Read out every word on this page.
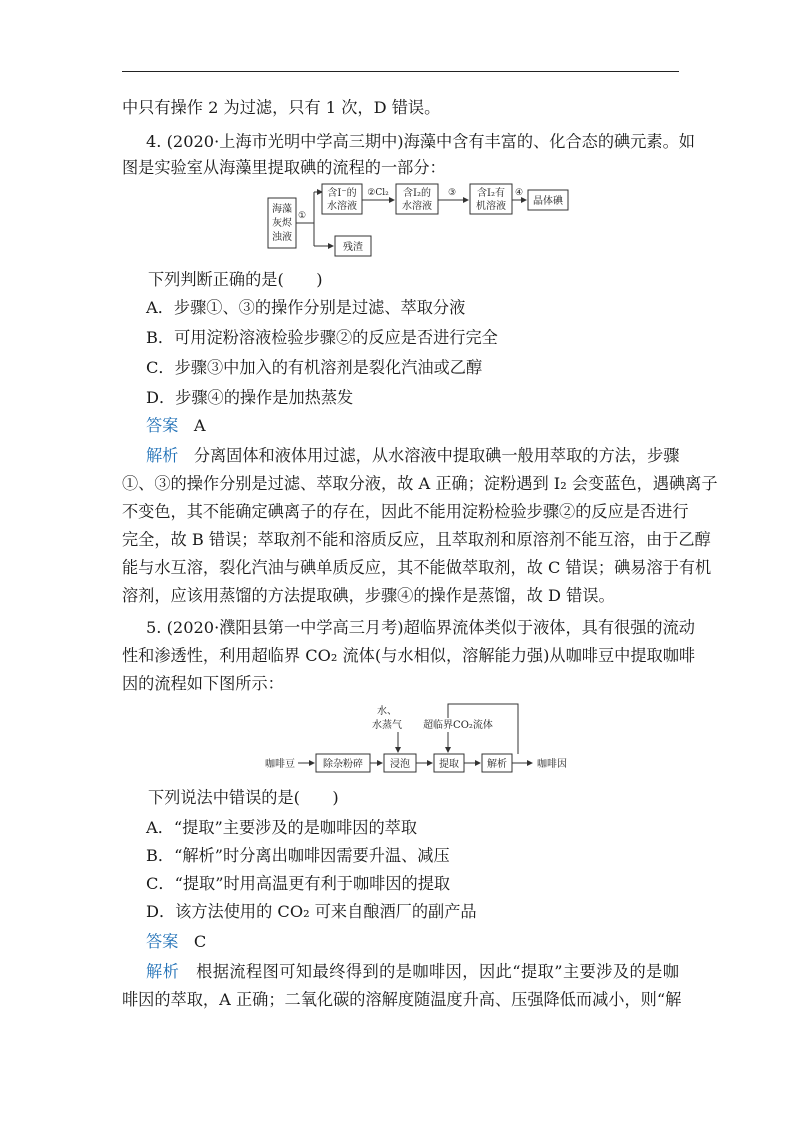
中只有操作 2 为过滤，只有 1 次，D 错误。
4. (2020·上海市光明中学高三期中)海藻中含有丰富的、化合态的碘元素。如
图是实验室从海藻里提取碘的流程的一部分：
海藻
灰烬
浊液
①
含I⁻的
水溶液
②Cl₂ 含I₂的
水溶液
③ 含I₂有
机溶液
④
晶体碘
残渣
下列判断正确的是(　　)
A．步骤①、③的操作分别是过滤、萃取分液
B．可用淀粉溶液检验步骤②的反应是否进行完全
C．步骤③中加入的有机溶剂是裂化汽油或乙醇
D．步骤④的操作是加热蒸发
答案 A
解析 分离固体和液体用过滤，从水溶液中提取碘一般用萃取的方法，步骤
①、③的操作分别是过滤、萃取分液，故 A 正确；淀粉遇到 I₂ 会变蓝色，遇碘离子
不变色，其不能确定碘离子的存在，因此不能用淀粉检验步骤②的反应是否进行
完全，故 B 错误；萃取剂不能和溶质反应，且萃取剂和原溶剂不能互溶，由于乙醇
能与水互溶，裂化汽油与碘单质反应，其不能做萃取剂，故 C 错误；碘易溶于有机
溶剂，应该用蒸馏的方法提取碘，步骤④的操作是蒸馏，故 D 错误。
5. (2020·濮阳县第一中学高三月考)超临界流体类似于液体，具有很强的流动
性和渗透性，利用超临界 CO₂ 流体(与水相似，溶解能力强)从咖啡豆中提取咖啡
因的流程如下图所示：
水、
水蒸气 超临界CO₂流体
咖啡豆	除杂粉碎	浸泡	提取	解析	咖啡因
下列说法中错误的是(　　)
A．“提取”主要涉及的是咖啡因的萃取
B．“解析”时分离出咖啡因需要升温、减压
C．“提取”时用高温更有利于咖啡因的提取
D．该方法使用的 CO₂ 可来自酿酒厂的副产品
答案 C
解析 根据流程图可知最终得到的是咖啡因，因此“提取”主要涉及的是咖
啡因的萃取，A 正确；二氧化碳的溶解度随温度升高、压强降低而减小，则“解
